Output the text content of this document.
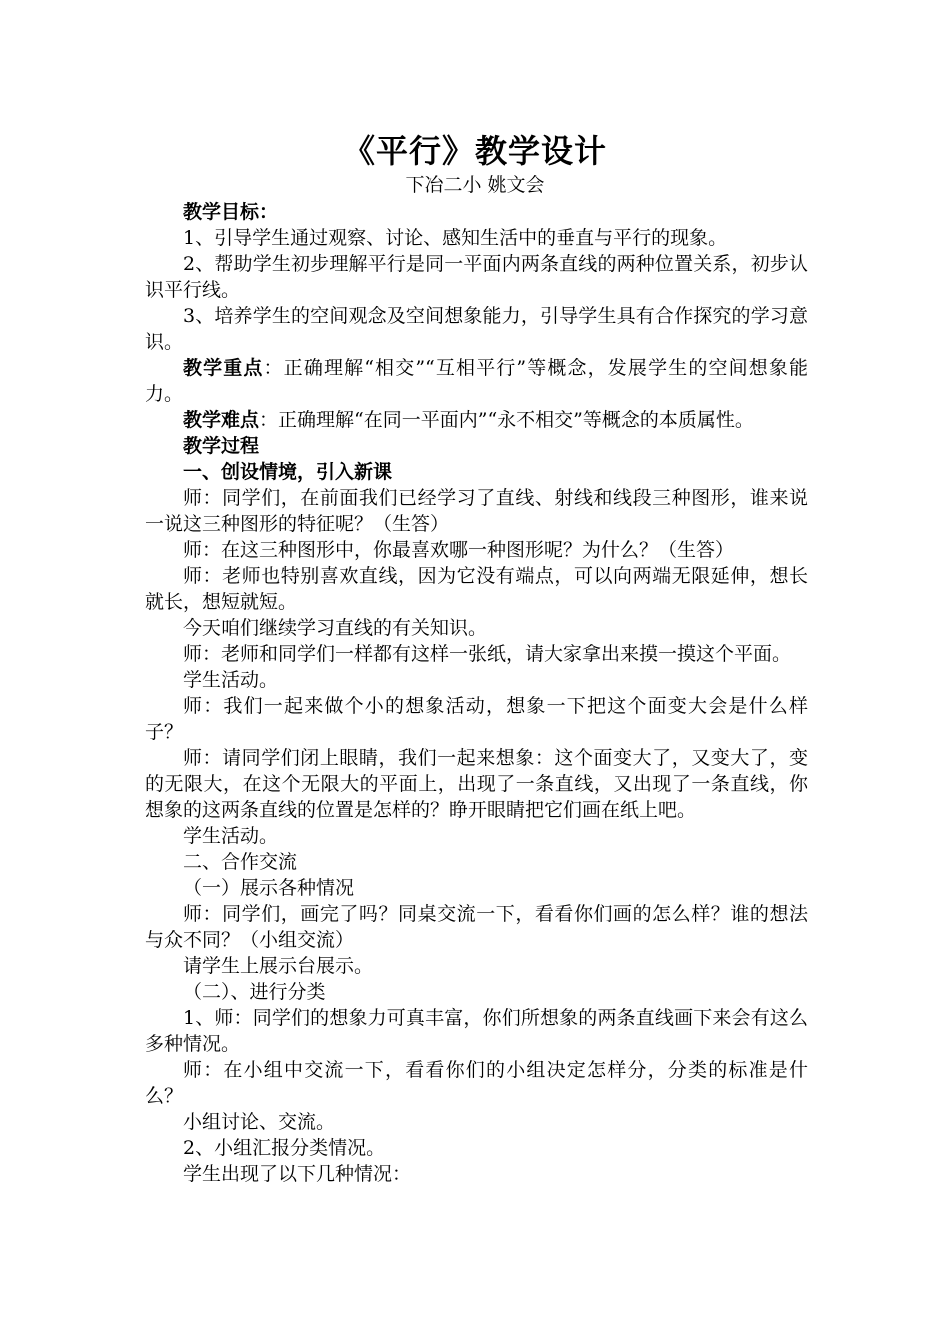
《平行》教学设计
下冶二小 姚文会

教学目标：

1、引导学生通过观察、讨论、感知生活中的垂直与平行的现象。

2、帮助学生初步理解平行是同一平面内两条直线的两种位置关系，初步认识平行线。

3、培养学生的空间观念及空间想象能力，引导学生具有合作探究的学习意识。

教学重点：正确理解“相交”“互相平行”等概念，发展学生的空间想象能力。

教学难点：正确理解“在同一平面内”“永不相交”等概念的本质属性。

教学过程

一、创设情境，引入新课

师：同学们，在前面我们已经学习了直线、射线和线段三种图形，谁来说一说这三种图形的特征呢？（生答）

师：在这三种图形中，你最喜欢哪一种图形呢？为什么？（生答）

师：老师也特别喜欢直线，因为它没有端点，可以向两端无限延伸，想长就长，想短就短。

今天咱们继续学习直线的有关知识。

师：老师和同学们一样都有这样一张纸，请大家拿出来摸一摸这个平面。

学生活动。

师：我们一起来做个小的想象活动，想象一下把这个面变大会是什么样子？

师：请同学们闭上眼睛，我们一起来想象：这个面变大了，又变大了，变的无限大，在这个无限大的平面上，出现了一条直线，又出现了一条直线，你想象的这两条直线的位置是怎样的？睁开眼睛把它们画在纸上吧。

学生活动。

二、合作交流

（一）展示各种情况

师：同学们，画完了吗？同桌交流一下，看看你们画的怎么样？谁的想法与众不同？（小组交流）

请学生上展示台展示。

（二）、进行分类

1、师：同学们的想象力可真丰富，你们所想象的两条直线画下来会有这么多种情况。

师：在小组中交流一下，看看你们的小组决定怎样分，分类的标准是什么？

小组讨论、交流。

2、小组汇报分类情况。

学生出现了以下几种情况：
